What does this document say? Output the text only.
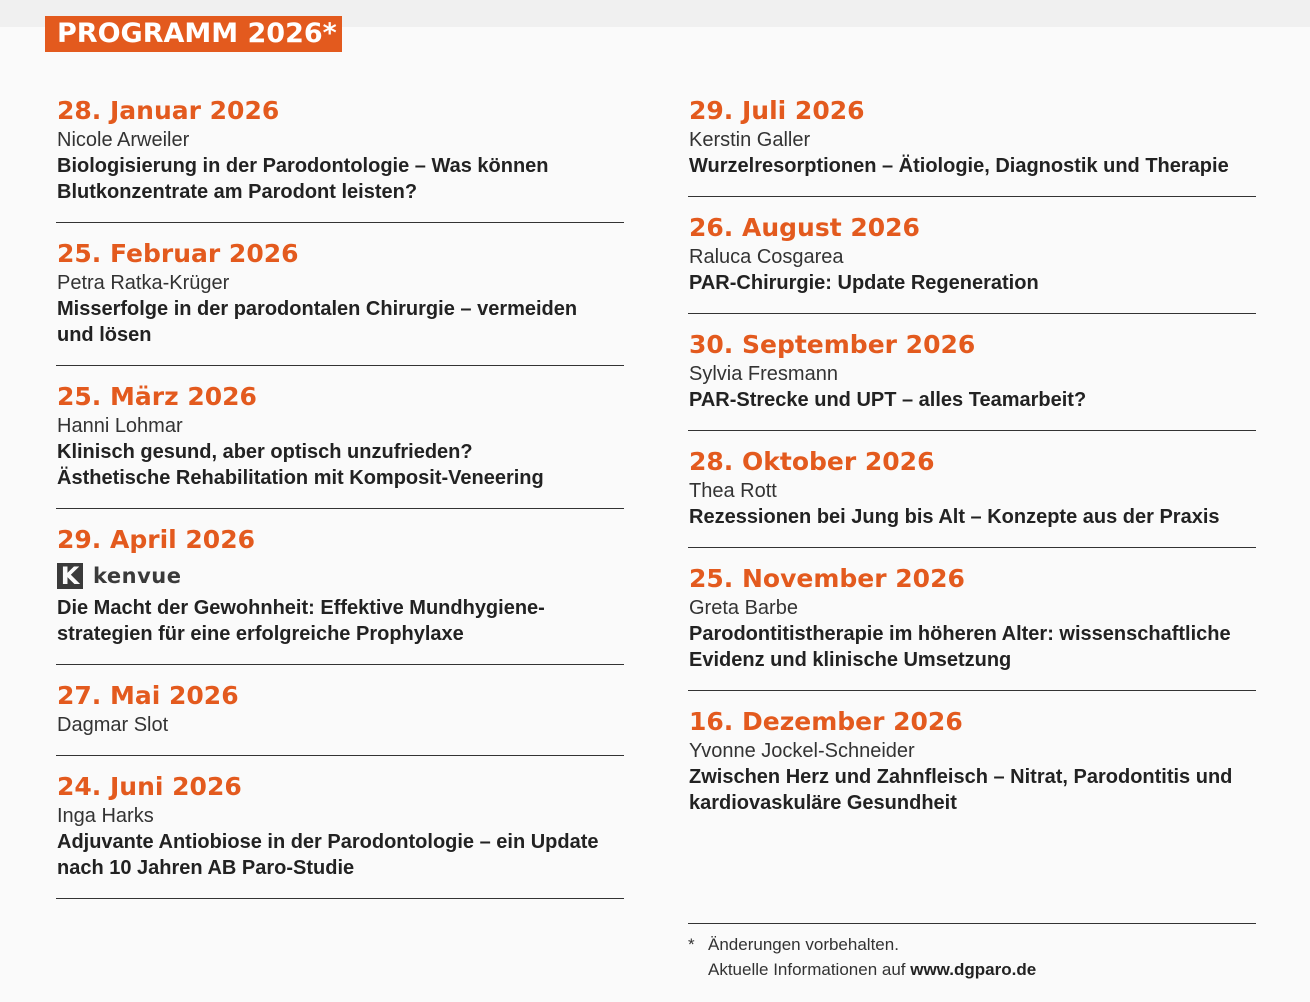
PROGRAMM 2026*
28. Januar 2026
Nicole Arweiler
Biologisierung in der Parodontologie – Was können
Blutkonzentrate am Parodont leisten?
25. Februar 2026
Petra Ratka-Krüger
Misserfolge in der parodontalen Chirurgie – vermeiden
und lösen
25. März 2026
Hanni Lohmar
Klinisch gesund, aber optisch unzufrieden?
Ästhetische Rehabilitation mit Komposit-Veneering
29. April 2026
K kenvue
Die Macht der Gewohnheit: Effektive Mundhygiene-
strategien für eine erfolgreiche Prophylaxe
27. Mai 2026
Dagmar Slot
24. Juni 2026
Inga Harks
Adjuvante Antiobiose in der Parodontologie – ein Update
nach 10 Jahren AB Paro-Studie
29. Juli 2026
Kerstin Galler
Wurzelresorptionen – Ätiologie, Diagnostik und Therapie
26. August 2026
Raluca Cosgarea
PAR-Chirurgie: Update Regeneration
30. September 2026
Sylvia Fresmann
PAR-Strecke und UPT – alles Teamarbeit?
28. Oktober 2026
Thea Rott
Rezessionen bei Jung bis Alt – Konzepte aus der Praxis
25. November 2026
Greta Barbe
Parodontitistherapie im höheren Alter: wissenschaftliche
Evidenz und klinische Umsetzung
16. Dezember 2026
Yvonne Jockel-Schneider
Zwischen Herz und Zahnfleisch – Nitrat, Parodontitis und
kardiovaskuläre Gesundheit
* Änderungen vorbehalten.
Aktuelle Informationen auf www.dgparo.de
